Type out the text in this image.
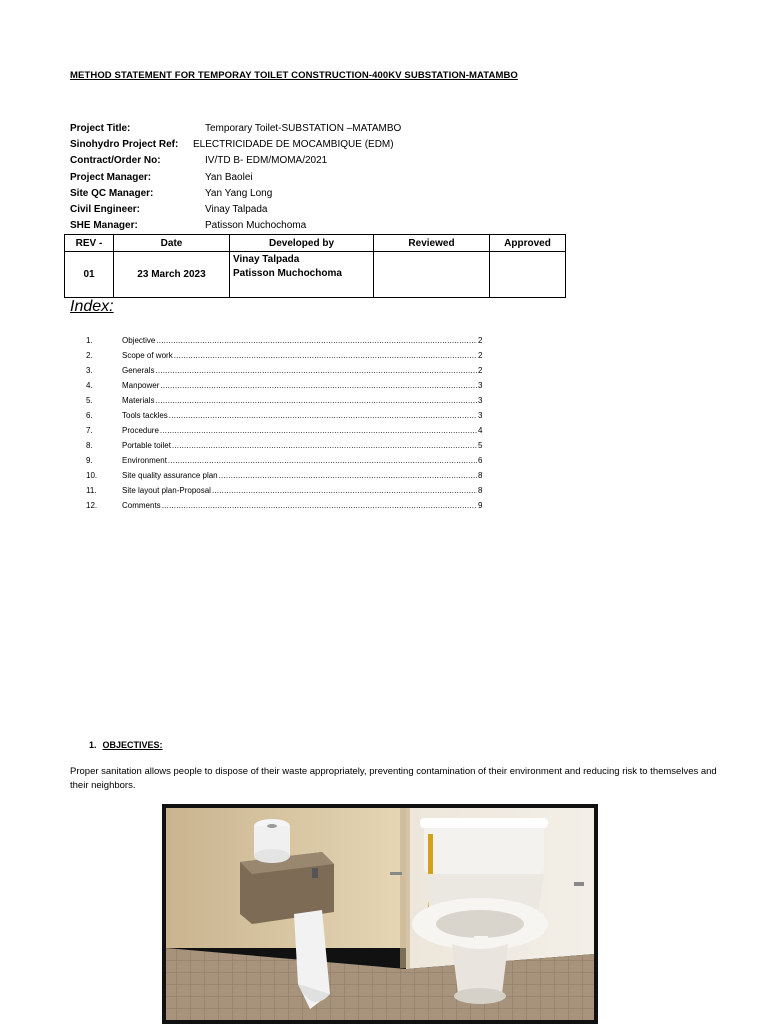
METHOD STATEMENT FOR TEMPORAY TOILET CONSTRUCTION-400KV SUBSTATION-MATAMBO
Project Title:	Temporary Toilet-SUBSTATION –MATAMBO
Sinohydro Project Ref:	ELECTRICIDADE DE MOCAMBIQUE (EDM)
Contract/Order No:	IV/TD B- EDM/MOMA/2021
Project Manager:	Yan Baolei
Site QC Manager:	Yan Yang Long
Civil Engineer:	Vinay Talpada
SHE Manager:	Patisson Muchochoma
REV -	Date	Developed by	Reviewed	Approved
01	23 March 2023	Vinay Talpada
Patisson Muchochoma		

Index:
1.	Objective .....	2
2.	Scope of work .....	2
3.	Generals .....	2
4.	Manpower .....	3
5.	Materials .....	3
6.	Tools tackles .....	3
7.	Procedure .....	4
8.	Portable toilet .....	5
9.	Environment .....	6
10.	Site quality assurance plan .....	8
11.	Site layout plan-Proposal .....	8
12.	Comments .....	9
1. OBJECTIVES:
Proper sanitation allows people to dispose of their waste appropriately, preventing contamination of their environment and reducing risk to themselves and their neighbors.
